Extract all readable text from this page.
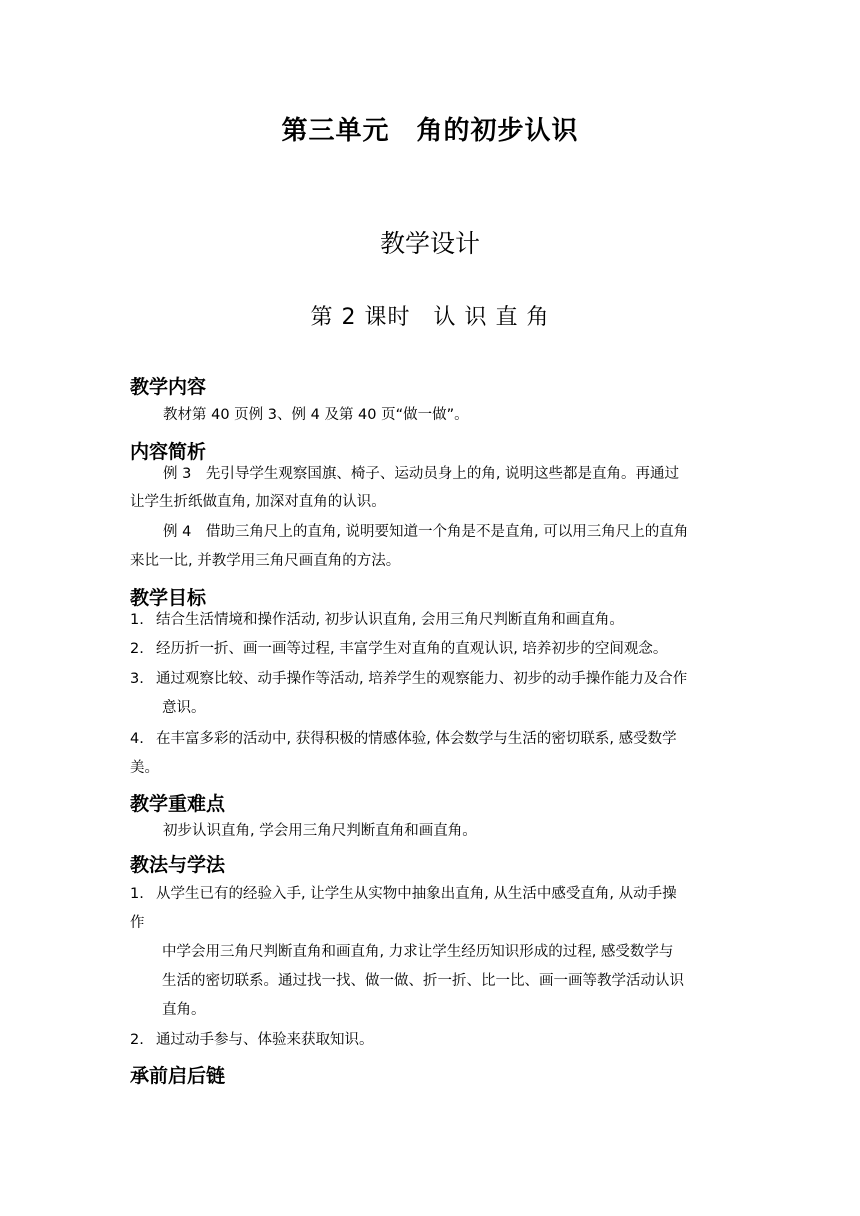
第三单元　角的初步认识
教学设计
第 2 课时　认 识 直 角
教学内容
教材第 40 页例 3、例 4 及第 40 页“做一做”。
内容简析
例 3　先引导学生观察国旗、椅子、运动员身上的角, 说明这些都是直角。再通过
让学生折纸做直角, 加深对直角的认识。
例 4　借助三角尺上的直角, 说明要知道一个角是不是直角, 可以用三角尺上的直角
来比一比, 并教学用三角尺画直角的方法。
教学目标
1. 结合生活情境和操作活动, 初步认识直角, 会用三角尺判断直角和画直角。
2. 经历折一折、画一画等过程, 丰富学生对直角的直观认识, 培养初步的空间观念。
3. 通过观察比较、动手操作等活动, 培养学生的观察能力、初步的动手操作能力及合作
意识。
4. 在丰富多彩的活动中, 获得积极的情感体验, 体会数学与生活的密切联系, 感受数学
美。
教学重难点
初步认识直角, 学会用三角尺判断直角和画直角。
教法与学法
1. 从学生已有的经验入手, 让学生从实物中抽象出直角, 从生活中感受直角, 从动手操
作
中学会用三角尺判断直角和画直角, 力求让学生经历知识形成的过程, 感受数学与
生活的密切联系。通过找一找、做一做、折一折、比一比、画一画等教学活动认识
直角。
2. 通过动手参与、体验来获取知识。
承前启后链
